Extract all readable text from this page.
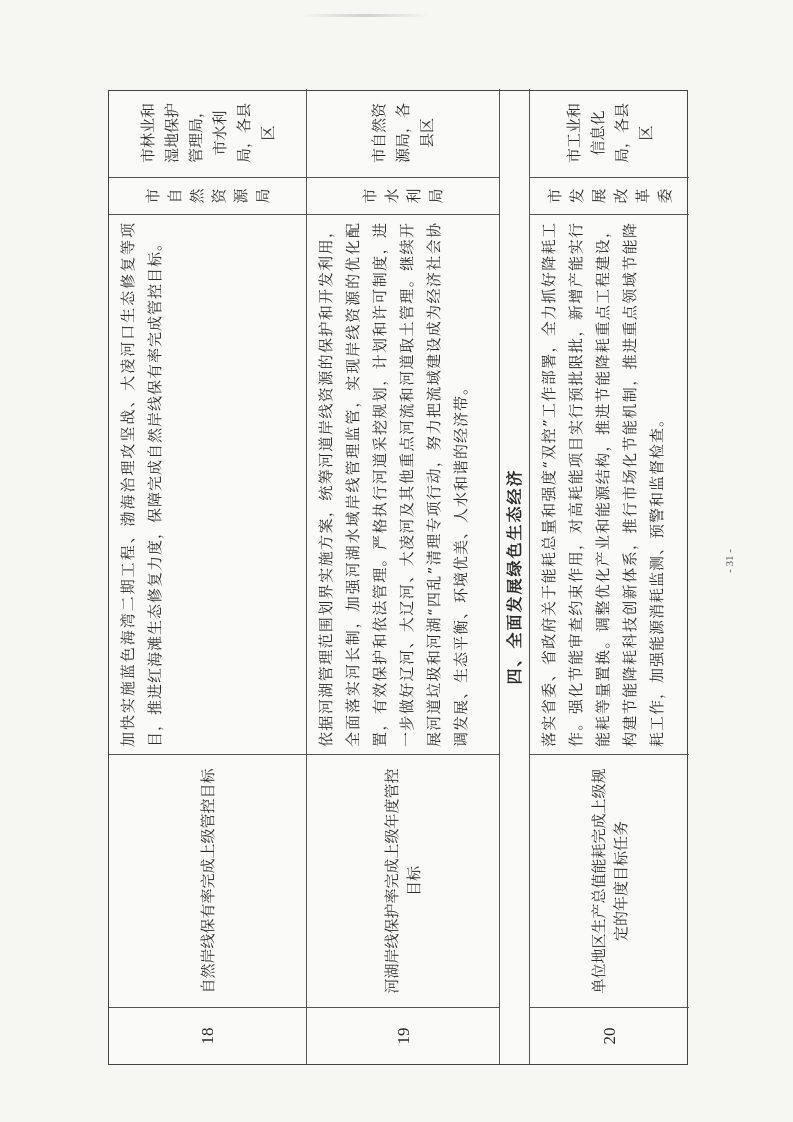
18
自然岸线保有率完成上级管控目标
加快实施蓝色海湾二期工程、渤海治理攻坚战、大凌河口生态修复等项目，推进红海滩生态修复力度，保障完成自然岸线保有率完成管控目标。
市自然资源局
市林业和湿地保护管理局，市水利局，各县区
19
河湖岸线保护率完成上级年度管控目标
依据河湖管理范围划界实施方案，统筹河道岸线资源的保护和开发利用，全面落实河长制，加强河湖水域岸线管理监管，实现岸线资源的优化配置，有效保护和依法管理。严格执行河道采挖规划，计划和许可制度，进一步做好辽河、大辽河、大凌河及其他重点河流和河道取土管理。继续开展河道垃圾和河湖“四乱”清理专项行动，努力把流域建设成为经济社会协调发展、生态平衡、环境优美、人水和谐的经济带。
市水利局
市自然资源局，各县区
四、全面发展绿色生态经济
20
单位地区生产总值能耗完成上级规定的年度目标任务
落实省委、省政府关于能耗总量和强度“双控”工作部署，全力抓好降耗工作。强化节能审查约束作用，对高耗能项目实行预批限批，新增产能实行能耗等量置换。调整优化产业和能源结构，推进节能降耗重点工程建设，构建节能降耗科技创新体系，推行市场化节能机制，推进重点领域节能降耗工作，加强能源消耗监测、预警和监督检查。
市发展改革委
市工业和信息化局，各县区
- 31 -
